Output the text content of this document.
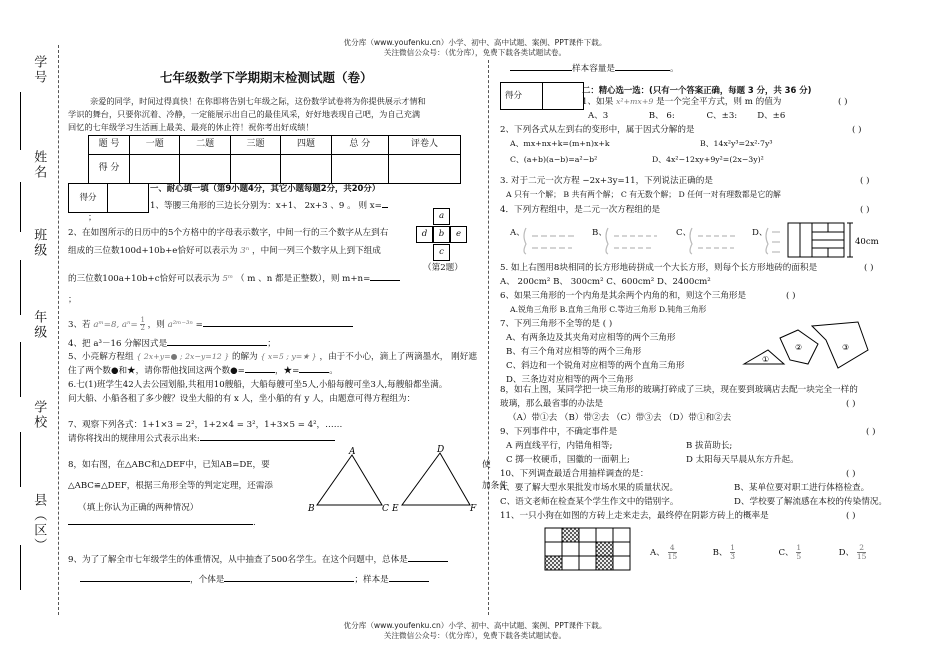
优分库（www.youfenku.cn）小学、初中、高中试题、案例、PPT课件下载。
关注微信公众号：（优分库），免费下载各类试题试卷。
优分库（www.youfenku.cn）小学、初中、高中试题、案例、PPT课件下载。
关注微信公众号：（优分库），免费下载各类试题试卷。
学号
姓名
班级
年级
学校
县（区）
七年级数学下学期期末检测试题（卷）
亲爱的同学，时间过得真快！在你即将告别七年级之际，这份数学试卷将为你提供展示才情和
学识的舞台，只要你沉着、冷静，一定能展示出自己的最佳风采，好好地表现自己吧，为自己充满
回忆的七年级学习生活画上最美、最亮的休止符！祝你考出好成绩！
题 号	一题	二题	三题	四题	总 分	评卷人
得 分						
得分	
一、耐心填一填（第9小题4分，其它小题每题2分，共20分）
1、等腰三角形的三边长分别为：x+1、 2x+3 、9 。 则 x=
；	a
d	b	e
c
（第2题）
2、在如图所示的日历中的5个方格中的字母表示数字，中间一行的三个数字从左到右
组成的三位数100d+10b+e恰好可以表示为 3ⁿ ，中间一列三个数字从上到下组成
的三位数100a+10b+c恰好可以表示为 5ᵐ （ m 、n 都是正整数），则 m+n=
；
3、若 aᵐ=8, $a^n= \frac{1}{2}$ ，则 a²ᵐ⁻³ⁿ =
4、把 a³－16 分解因式是	；
5、小亮解方程组 { 2x+y=● ; 2x−y=12 } 的解为 { x=5 ; y=★ } ，由于不小心，滴上了两滴墨水， 刚好遮
住了两个数●和★，请你帮他找回这两个数●=	，★=	。
6.七(1)班学生42人去公园划船,共租用10艘船，大船每艘可坐5人,小船每艘可坐3人,每艘船都坐满。
问大船、小船各租了多少艘？设坐大船的有 x 人，坐小船的有 y 人，由题意可得方程组为：
7、观察下列各式：1+1×3 = 2²，1+2×4 = 3²，1+3×5 = 4²，……
请你将找出的规律用公式表示出来:
8，如右图，在△ABC和△DEF中，已知AB=DE，要	使
△ABC≌△DEF，根据三角形全等的判定定理，还需添	加条件
（填上你认为正确的两种情况）
.
A
B	C
D
E	F
9、为了了解全市七年级学生的体重情况，从中抽查了500名学生。在这个问题中，总体是
，个体是	；样本是
样本容量是	。
得分	
二：精心选一选：(只有一个答案正确，每题 3 分，共 36 分)
1、如果 x²+mx+9 是一个完全平方式，则 m 的值为	( )
A、3	B、 6:	C、±3: D、±6
2、下列各式从左到右的变形中，属于因式分解的是	( )
A、mx+nx+k=(m+n)x+k	B、14x²y³=2x²·7y³
C、(a+b)(a−b)=a²−b²	D、4x²−12xy+9y²=(2x−3y)²
3. 对于二元一次方程 −2x+3y=11，下列说法正确的是	( )
A 只有一个解； B 共有两个解； C 有无数个解； D 任何一对有理数都是它的解
4．下列方程组中，是二元一次方程组的是	( )
A、	B、	C、	D、
40cm
5. 如上右图用8块相同的长方形地砖拼成一个大长方形，则每个长方形地砖的面积是	( )
A、 200cm² B、 300cm² C、600cm² D、2400cm²
6、如果三角形的一个内角是其余两个内角的和，则这个三角形是	( )
A.锐角三角形 B.直角三角形 C.等边三角形 D.钝角三角形
7、下列三角形不全等的是 ( )
A、有两条边及其夹角对应相等的两个三角形
B、有三个角对应相等的两个三角形
C、斜边和一个锐角对应相等的两个直角三角形
D、三条边对应相等的两个三角形
①
②	③
8，如右上图，某同学把一块三角形的玻璃打碎成了三块，现在要到玻璃店去配一块完全一样的
玻璃，那么最省事的办法是	( )
（A）带①去 （B）带②去 （C）带③去 （D）带①和②去
9、下列事件中，不确定事件是	( )
A 两直线平行，内错角相等;	B 拔苗助长;
C 掷一枚硬币，国徽的一面朝上;	D 太阳每天早晨从东方升起。
10、下列调查最适合用抽样调查的是：	( )
A、要了解大型水果批发市场水果的质量状况。	B、某单位要对职工进行体格检查。
C、语文老师在检查某个学生作文中的错别字。	D、学校要了解流感在本校的传染情况。
11、一只小狗在如图的方砖上走来走去，最终停在阴影方砖上的概率是	( )
A、 $\frac{4}{15}$	B、 $\frac{1}{3}$	C、 $\frac{1}{5}$	D、 $\frac{2}{15}$
